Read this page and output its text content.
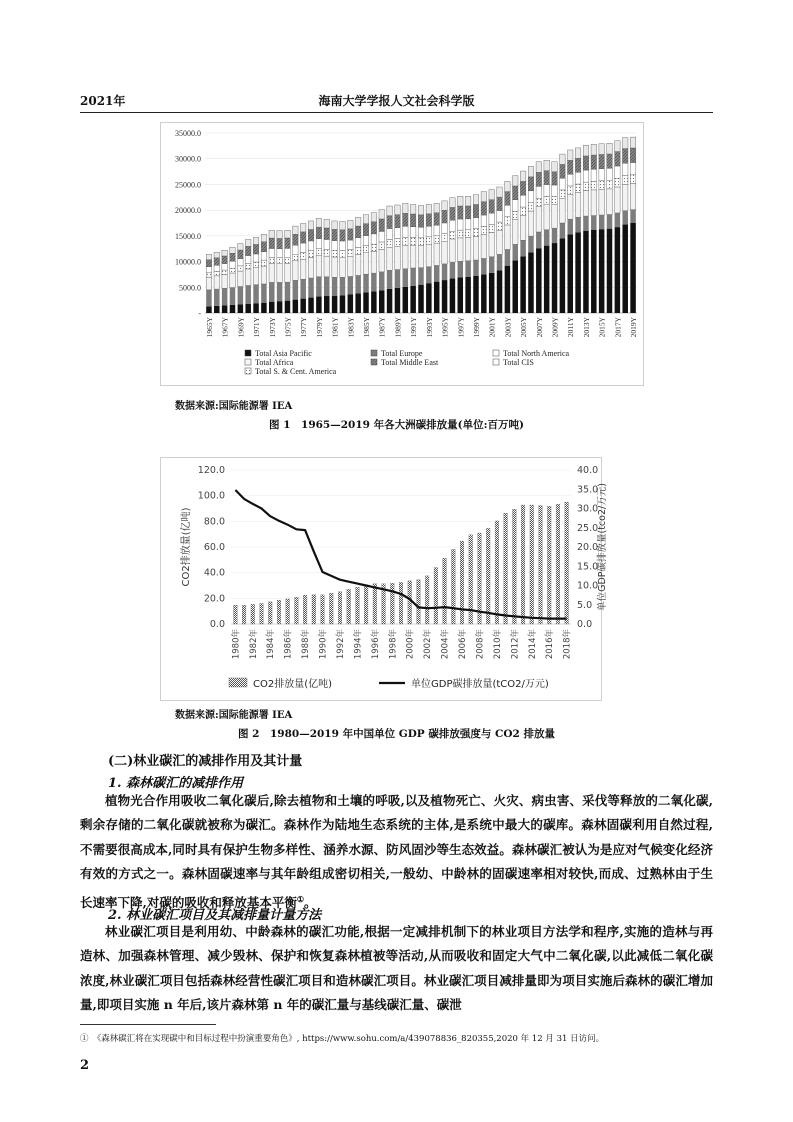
2021年	海南大学学报人文社会科学版
-
5000.0
10000.0
15000.0
20000.0
25000.0
30000.0
35000.0
1965Y 1967Y 1969Y 1971Y 1973Y 1975Y 1977Y 1979Y 1981Y 1983Y 1985Y 1987Y 1989Y 1991Y 1993Y 1995Y 1997Y 1999Y 2001Y 2003Y 2005Y 2007Y 2009Y 2011Y 2013Y 2015Y 2017Y 2019Y
Total Asia Pacific	Total Europe	Total North America
Total Africa	Total Middle East	Total CIS
Total S. & Cent. America
数据来源:国际能源署 IEA
图 1　1965—2019 年各大洲碳排放量(单位:百万吨)
0.0
20.0
40.0
60.0
80.0
100.0
120.0
0.0
5.0
10.0
15.0
20.0
25.0
30.0
35.0
40.0
CO2排放量(亿吨)	单位GDP碳排放量(tco2/万元)
1980年 1982年 1984年 1986年 1988年 1990年 1992年 1994年 1996年 1998年 2000年 2002年 2004年 2006年 2008年 2010年 2012年 2014年 2016年 2018年
CO2排放量(亿吨)	单位GDP碳排放量(tCO2/万元)
数据来源:国际能源署 IEA
图 2　1980—2019 年中国单位 GDP 碳排放强度与 CO2 排放量
(二)林业碳汇的减排作用及其计量
1. 森林碳汇的减排作用

植物光合作用吸收二氧化碳后,除去植物和土壤的呼吸,以及植物死亡、火灾、病虫害、采伐等释放的二氧化碳,剩余存储的二氧化碳就被称为碳汇。森林作为陆地生态系统的主体,是系统中最大的碳库。森林固碳利用自然过程,不需要很高成本,同时具有保护生物多样性、涵养水源、防风固沙等生态效益。森林碳汇被认为是应对气候变化经济有效的方式之一。森林固碳速率与其年龄组成密切相关,一般幼、中龄林的固碳速率相对较快,而成、过熟林由于生长速率下降,对碳的吸收和释放基本平衡①。

2. 林业碳汇项目及其减排量计量方法

林业碳汇项目是利用幼、中龄森林的碳汇功能,根据一定减排机制下的林业项目方法学和程序,实施的造林与再造林、加强森林管理、减少毁林、保护和恢复森林植被等活动,从而吸收和固定大气中二氧化碳,以此减低二氧化碳浓度,林业碳汇项目包括森林经营性碳汇项目和造林碳汇项目。林业碳汇项目减排量即为项目实施后森林的碳汇增加量,即项目实施 n 年后,该片森林第 n 年的碳汇量与基线碳汇量、碳泄

①　《森林碳汇将在实现碳中和目标过程中扮演重要角色》, https://www.sohu.com/a/439078836_820355,2020 年 12 月 31 日访问。
2
